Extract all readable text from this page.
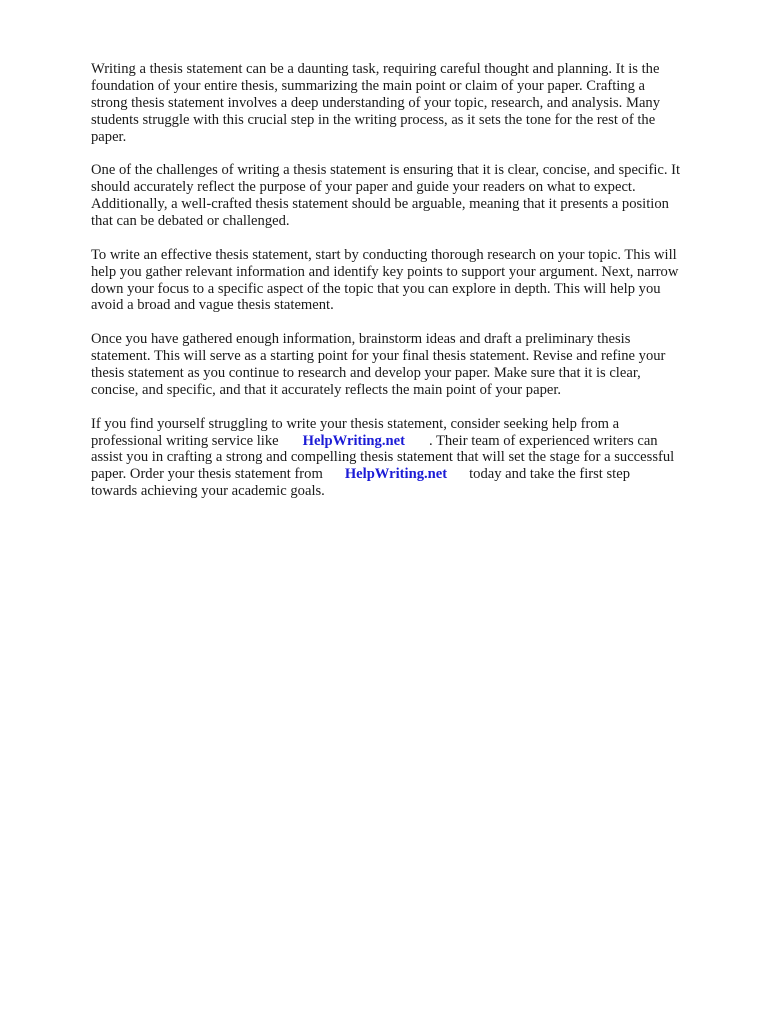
Writing a thesis statement can be a daunting task, requiring careful thought and planning. It is the
foundation of your entire thesis, summarizing the main point or claim of your paper. Crafting a
strong thesis statement involves a deep understanding of your topic, research, and analysis. Many
students struggle with this crucial step in the writing process, as it sets the tone for the rest of the
paper.

One of the challenges of writing a thesis statement is ensuring that it is clear, concise, and specific. It
should accurately reflect the purpose of your paper and guide your readers on what to expect.
Additionally, a well-crafted thesis statement should be arguable, meaning that it presents a position
that can be debated or challenged.

To write an effective thesis statement, start by conducting thorough research on your topic. This will
help you gather relevant information and identify key points to support your argument. Next, narrow
down your focus to a specific aspect of the topic that you can explore in depth. This will help you
avoid a broad and vague thesis statement.

Once you have gathered enough information, brainstorm ideas and draft a preliminary thesis
statement. This will serve as a starting point for your final thesis statement. Revise and refine your
thesis statement as you continue to research and develop your paper. Make sure that it is clear,
concise, and specific, and that it accurately reflects the main point of your paper.

If you find yourself struggling to write your thesis statement, consider seeking help from a
professional writing service like HelpWriting.net . Their team of experienced writers can
assist you in crafting a strong and compelling thesis statement that will set the stage for a successful
paper. Order your thesis statement from HelpWriting.net today and take the first step
towards achieving your academic goals.
